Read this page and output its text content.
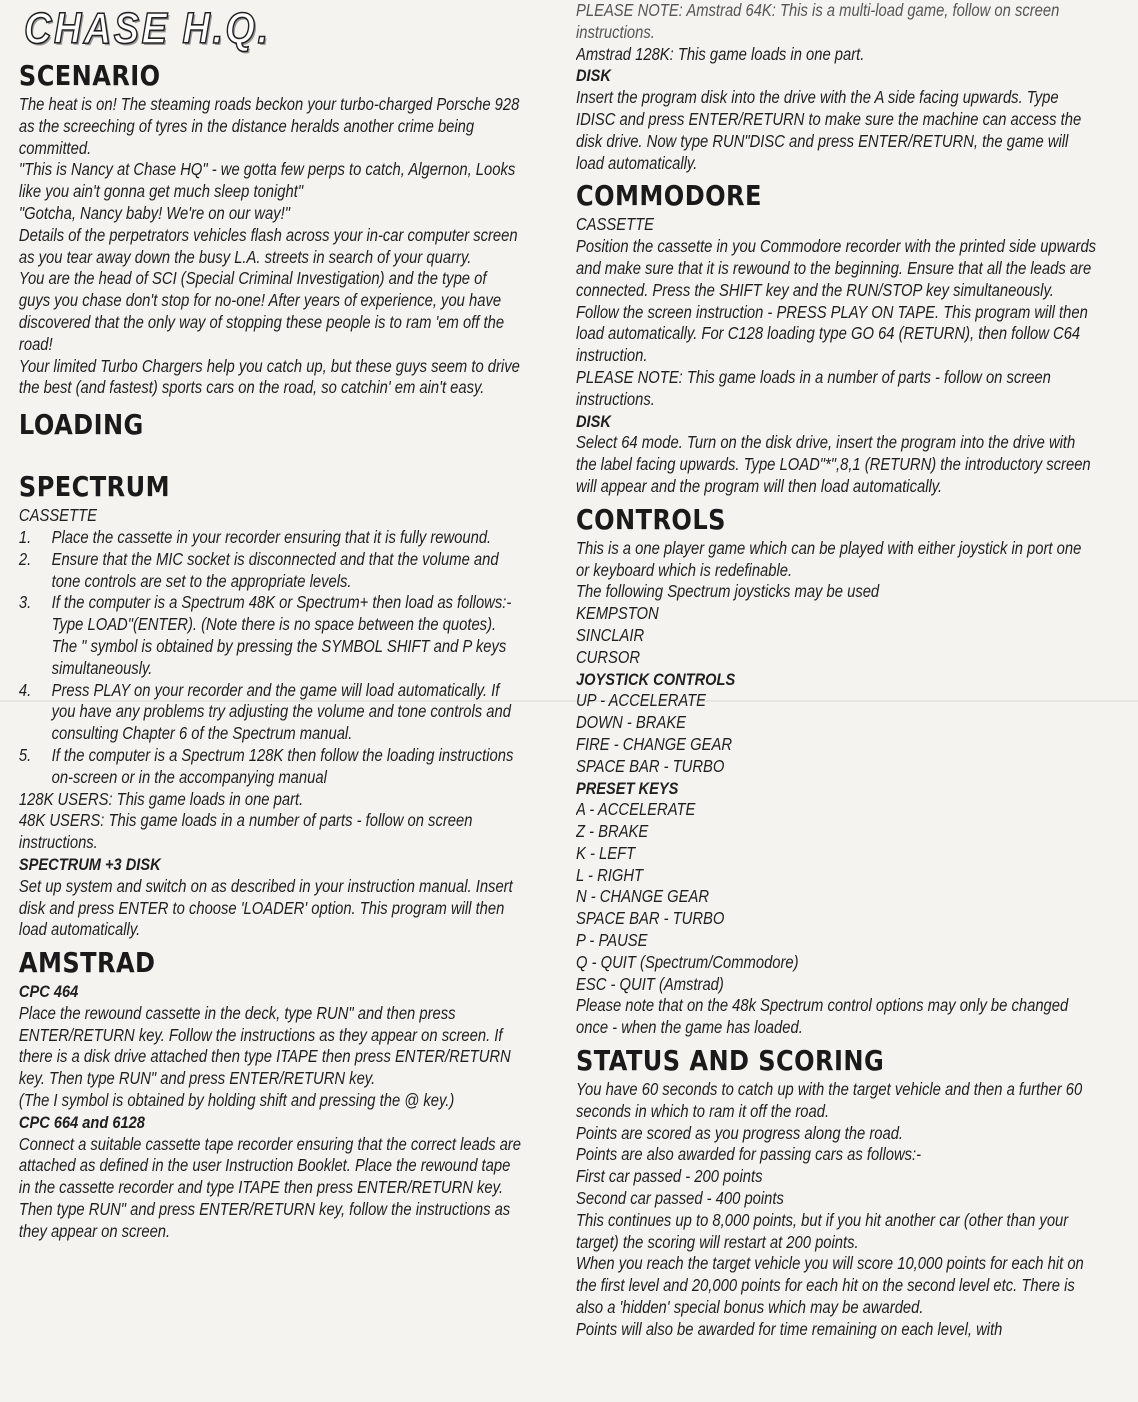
CHASE H.Q.
SCENARIO

The heat is on! The steaming roads beckon your turbo-charged Porsche 928 as the screeching of tyres in the distance heralds another crime being committed.

"This is Nancy at Chase HQ" - we gotta few perps to catch, Algernon, Looks like you ain't gonna get much sleep tonight"

"Gotcha, Nancy baby! We're on our way!"

Details of the perpetrators vehicles flash across your in-car computer screen as you tear away down the busy L.A. streets in search of your quarry.

You are the head of SCI (Special Criminal Investigation) and the type of guys you chase don't stop for no-one! After years of experience, you have discovered that the only way of stopping these people is to ram 'em off the road!

Your limited Turbo Chargers help you catch up, but these guys seem to drive the best (and fastest) sports cars on the road, so catchin' em ain't easy.

LOADING
SPECTRUM

CASSETTE

1.	Place the cassette in your recorder ensuring that it is fully rewound.
2.	Ensure that the MIC socket is disconnected and that the volume and tone controls are set to the appropriate levels.
3.	If the computer is a Spectrum 48K or Spectrum+ then load as follows:- Type LOAD"(ENTER). (Note there is no space between the quotes). The " symbol is obtained by pressing the SYMBOL SHIFT and P keys simultaneously.
4.	Press PLAY on your recorder and the game will load automatically. If you have any problems try adjusting the volume and tone controls and consulting Chapter 6 of the Spectrum manual.
5.	If the computer is a Spectrum 128K then follow the loading instructions on-screen or in the accompanying manual

128K USERS: This game loads in one part.

48K USERS: This game loads in a number of parts - follow on screen instructions.

SPECTRUM +3 DISK

Set up system and switch on as described in your instruction manual. Insert disk and press ENTER to choose 'LOADER' option. This program will then load automatically.

AMSTRAD
CPC 464

Place the rewound cassette in the deck, type RUN" and then press ENTER/RETURN key. Follow the instructions as they appear on screen. If there is a disk drive attached then type ITAPE then press ENTER/RETURN key. Then type RUN" and press ENTER/RETURN key.

(The I symbol is obtained by holding shift and pressing the @ key.)

CPC 664 and 6128

Connect a suitable cassette tape recorder ensuring that the correct leads are attached as defined in the user Instruction Booklet. Place the rewound tape in the cassette recorder and type ITAPE then press ENTER/RETURN key. Then type RUN" and press ENTER/RETURN key, follow the instructions as they appear on screen.

PLEASE NOTE: Amstrad 64K: This is a multi-load game, follow on screen instructions.

Amstrad 128K: This game loads in one part.

DISK

Insert the program disk into the drive with the A side facing upwards. Type IDISC and press ENTER/RETURN to make sure the machine can access the disk drive. Now type RUN"DISC and press ENTER/RETURN, the game will load automatically.

COMMODORE

CASSETTE

Position the cassette in you Commodore recorder with the printed side upwards and make sure that it is rewound to the beginning. Ensure that all the leads are connected. Press the SHIFT key and the RUN/STOP key simultaneously. Follow the screen instruction - PRESS PLAY ON TAPE. This program will then load automatically. For C128 loading type GO 64 (RETURN), then follow C64 instruction.

PLEASE NOTE: This game loads in a number of parts - follow on screen instructions.

DISK

Select 64 mode. Turn on the disk drive, insert the program into the drive with the label facing upwards. Type LOAD"*",8,1 (RETURN) the introductory screen will appear and the program will then load automatically.

CONTROLS

This is a one player game which can be played with either joystick in port one or keyboard which is redefinable.

The following Spectrum joysticks may be used

KEMPSTON

SINCLAIR

CURSOR

JOYSTICK CONTROLS

UP - ACCELERATE

DOWN - BRAKE

FIRE - CHANGE GEAR

SPACE BAR - TURBO

PRESET KEYS

A - ACCELERATE

Z - BRAKE

K - LEFT

L - RIGHT

N - CHANGE GEAR

SPACE BAR - TURBO

P - PAUSE

Q - QUIT (Spectrum/Commodore)

ESC - QUIT (Amstrad)

Please note that on the 48k Spectrum control options may only be changed once - when the game has loaded.

STATUS AND SCORING

You have 60 seconds to catch up with the target vehicle and then a further 60 seconds in which to ram it off the road.

Points are scored as you progress along the road.

Points are also awarded for passing cars as follows:-

First car passed - 200 points

Second car passed - 400 points

This continues up to 8,000 points, but if you hit another car (other than your target) the scoring will restart at 200 points.

When you reach the target vehicle you will score 10,000 points for each hit on the first level and 20,000 points for each hit on the second level etc. There is also a 'hidden' special bonus which may be awarded.

Points will also be awarded for time remaining on each level, with
